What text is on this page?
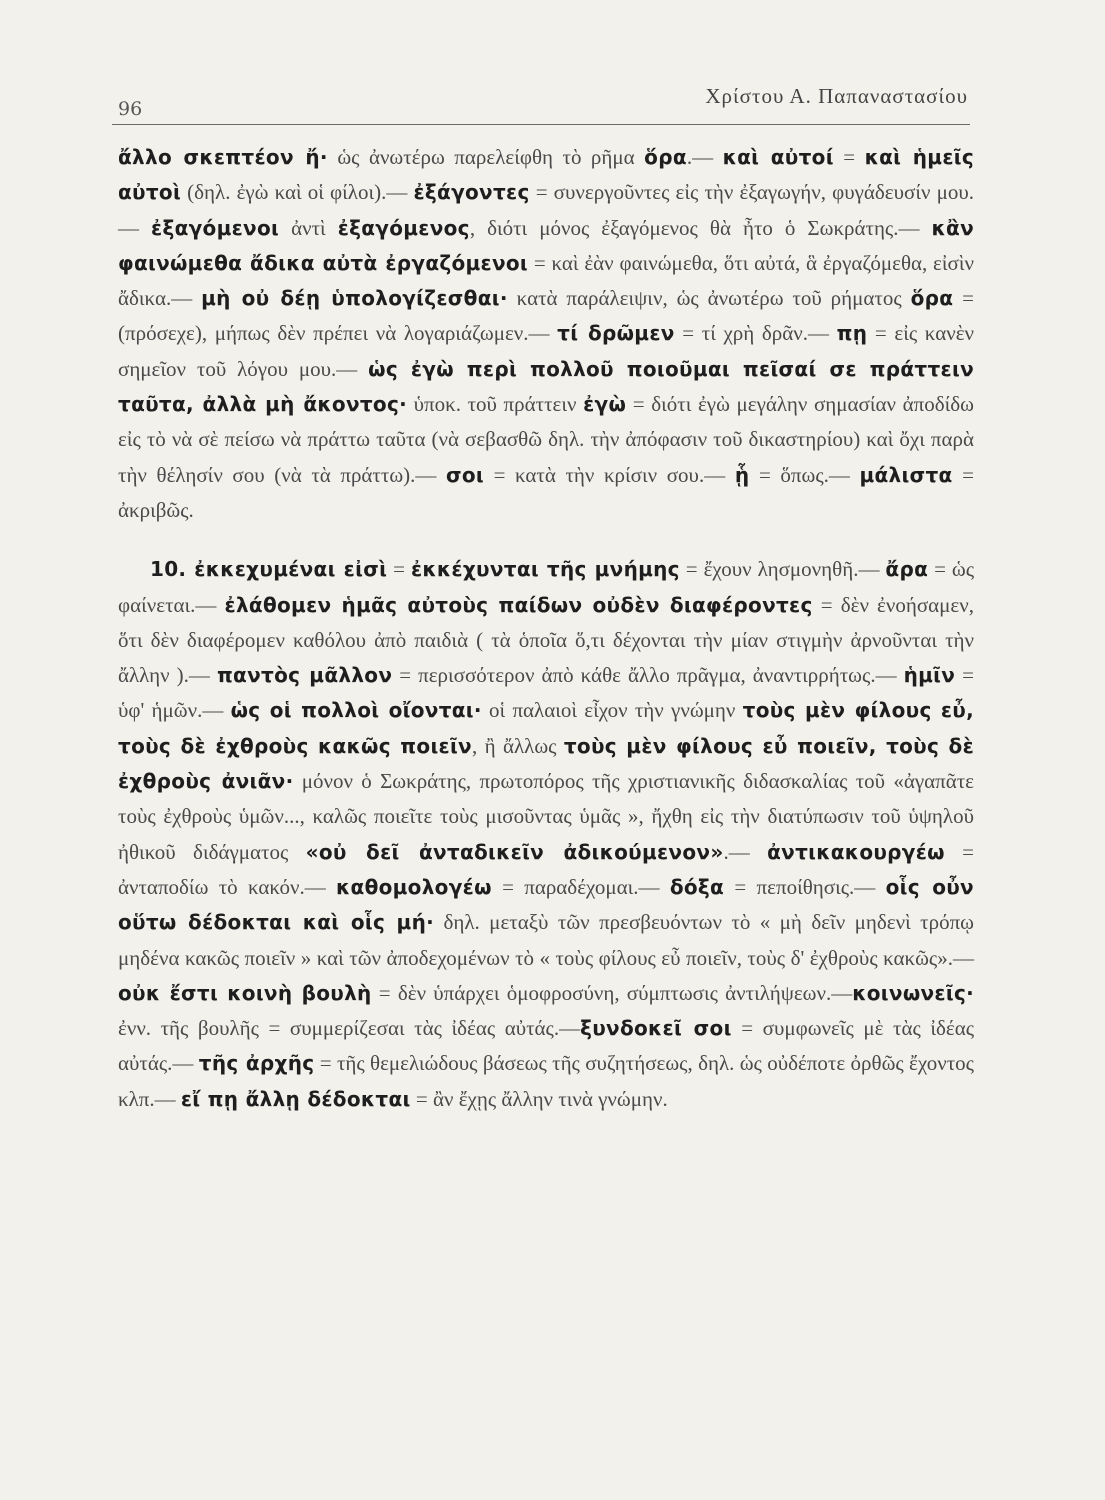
96
Χρίστου Α. Παπαναστασίου

ἄλλο σκεπτέον ἤ· ὡς ἀνωτέρω παρελείφθη τὸ ρῆμα ὅρα.— καὶ αὐτοί = καὶ ἡμεῖς αὐτοὶ (δηλ. ἐγὼ καὶ οἱ φίλοι).— ἐξάγοντες = συνεργοῦντες εἰς τὴν ἐξαγωγήν, φυγάδευσίν μου.— ἐξαγόμενοι ἀντὶ ἐξαγόμενος, διότι μόνος ἐξαγόμενος θὰ ἦτο ὁ Σωκράτης.— κἂν φαινώμεθα ἄδικα αὐτὰ ἐργαζόμενοι = καὶ ἐὰν φαινώμεθα, ὅτι αὐτά, ἃ ἐργαζόμεθα, εἰσὶν ἄδικα.— μὴ οὐ δέῃ ὑπολογίζεσθαι· κατὰ παράλειψιν, ὡς ἀνωτέρω τοῦ ρήματος ὅρα = (πρόσεχε), μήπως δὲν πρέπει νὰ λογαριάζωμεν.— τί δρῶμεν = τί χρὴ δρᾶν.— πῃ = εἰς κανὲν σημεῖον τοῦ λόγου μου.— ὡς ἐγὼ περὶ πολλοῦ ποιοῦμαι πεῖσαί σε πράττειν ταῦτα, ἀλλὰ μὴ ἄκοντος· ὑποκ. τοῦ πράττειν ἐγὼ = διότι ἐγὼ μεγάλην σημασίαν ἀποδίδω εἰς τὸ νὰ σὲ πείσω νὰ πράττω ταῦτα (νὰ σεβασθῶ δηλ. τὴν ἀπόφασιν τοῦ δικαστηρίου) καὶ ὄχι παρὰ τὴν θέλησίν σου (νὰ τὰ πράττω).— σοι = κατὰ τὴν κρίσιν σου.— ᾗ = ὅπως.— μάλιστα = ἀκριβῶς.

10. ἐκκεχυμέναι εἰσὶ = ἐκκέχυνται τῆς μνήμης = ἔχουν λησμονηθῆ.— ἄρα = ὡς φαίνεται.— ἐλάθομεν ἡμᾶς αὐτοὺς παίδων οὐδὲν διαφέροντες = δὲν ἐνοήσαμεν, ὅτι δὲν διαφέρομεν καθόλου ἀπὸ παιδιὰ ( τὰ ὁποῖα ὅ,τι δέχονται τὴν μίαν στιγμὴν ἀρνοῦνται τὴν ἄλλην ).— παντὸς μᾶλλον = περισσότερον ἀπὸ κάθε ἄλλο πρᾶγμα, ἀναντιρρήτως.— ἡμῖν = ὑφ' ἡμῶν.— ὡς οἱ πολλοὶ οἴονται· οἱ παλαιοὶ εἶχον τὴν γνώμην τοὺς μὲν φίλους εὖ, τοὺς δὲ ἐχθροὺς κακῶς ποιεῖν, ἢ ἄλλως τοὺς μὲν φίλους εὖ ποιεῖν, τοὺς δὲ ἐχθροὺς ἀνιᾶν· μόνον ὁ Σωκράτης, πρωτοπόρος τῆς χριστιανικῆς διδασκαλίας τοῦ «ἀγαπᾶτε τοὺς ἐχθροὺς ὑμῶν..., καλῶς ποιεῖτε τοὺς μισοῦντας ὑμᾶς », ἤχθη εἰς τὴν διατύπωσιν τοῦ ὑψηλοῦ ἠθικοῦ διδάγματος «οὐ δεῖ ἀνταδικεῖν ἀδικούμενον».— ἀντικακουργέω = ἀνταποδίω τὸ κακόν.— καθομολογέω = παραδέχομαι.— δόξα = πεποίθησις.— οἷς οὖν οὕτω δέδοκται καὶ οἷς μή· δηλ. μεταξὺ τῶν πρεσβευόντων τὸ « μὴ δεῖν μηδενὶ τρόπῳ μηδένα κακῶς ποιεῖν » καὶ τῶν ἀποδεχομένων τὸ « τοὺς φίλους εὖ ποιεῖν, τοὺς δ' ἐχθροὺς κακῶς».— οὐκ ἔστι κοινὴ βουλὴ = δὲν ὑπάρχει ὁμοφροσύνη, σύμπτωσις ἀντιλήψεων.—κοινωνεῖς· ἐνν. τῆς βουλῆς = συμμερίζεσαι τὰς ἰδέας αὐτάς.—ξυνδοκεῖ σοι = συμφωνεῖς μὲ τὰς ἰδέας αὐτάς.— τῆς ἀρχῆς = τῆς θεμελιώδους βάσεως τῆς συζητήσεως, δηλ. ὡς οὐδέποτε ὀρθῶς ἔχοντος κλπ.— εἴ πῃ ἄλλῃ δέδοκται = ἂν ἔχῃς ἄλλην τινὰ γνώμην.
